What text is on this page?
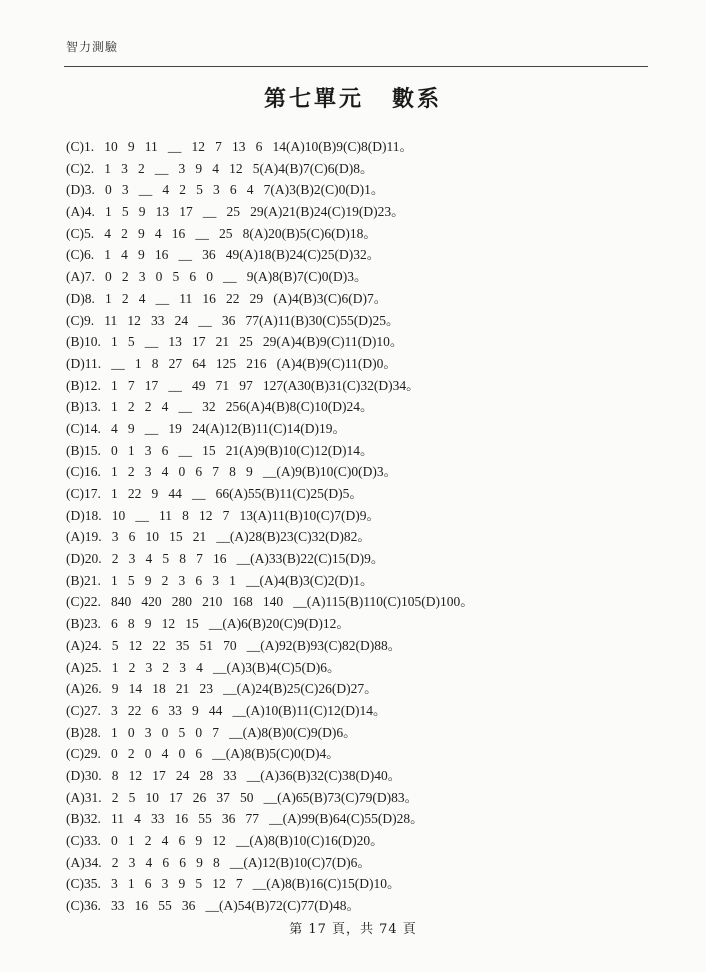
智力測驗
第七單元 數系
(C)1.   10   9   11   __   12   7   13   6   14(A)10(B)9(C)8(D)11。
(C)2.   1   3   2   __   3   9   4   12   5(A)4(B)7(C)6(D)8。
(D)3.   0   3   __   4   2   5   3   6   4   7(A)3(B)2(C)0(D)1。
(A)4.   1   5   9   13   17   __   25   29(A)21(B)24(C)19(D)23。
(C)5.   4   2   9   4   16   __   25   8(A)20(B)5(C)6(D)18。
(C)6.   1   4   9   16   __   36   49(A)18(B)24(C)25(D)32。
(A)7.   0   2   3   0   5   6   0   __   9(A)8(B)7(C)0(D)3。
(D)8.   1   2   4   __   11   16   22   29   (A)4(B)3(C)6(D)7。
(C)9.   11   12   33   24   __   36   77(A)11(B)30(C)55(D)25。
(B)10.   1   5   __   13   17   21   25   29(A)4(B)9(C)11(D)10。
(D)11.   __   1   8   27   64   125   216   (A)4(B)9(C)11(D)0。
(B)12.   1   7   17   __   49   71   97   127(A30(B)31(C)32(D)34。
(B)13.   1   2   2   4   __   32   256(A)4(B)8(C)10(D)24。
(C)14.   4   9   __   19   24(A)12(B)11(C)14(D)19。
(B)15.   0   1   3   6   __   15   21(A)9(B)10(C)12(D)14。
(C)16.   1   2   3   4   0   6   7   8   9   __(A)9(B)10(C)0(D)3。
(C)17.   1   22   9   44   __   66(A)55(B)11(C)25(D)5。
(D)18.   10   __   11   8   12   7   13(A)11(B)10(C)7(D)9。
(A)19.   3   6   10   15   21   __(A)28(B)23(C)32(D)82。
(D)20.   2   3   4   5   8   7   16   __(A)33(B)22(C)15(D)9。
(B)21.   1   5   9   2   3   6   3   1   __(A)4(B)3(C)2(D)1。
(C)22.   840   420   280   210   168   140   __(A)115(B)110(C)105(D)100。
(B)23.   6   8   9   12   15   __(A)6(B)20(C)9(D)12。
(A)24.   5   12   22   35   51   70   __(A)92(B)93(C)82(D)88。
(A)25.   1   2   3   2   3   4   __(A)3(B)4(C)5(D)6。
(A)26.   9   14   18   21   23   __(A)24(B)25(C)26(D)27。
(C)27.   3   22   6   33   9   44   __(A)10(B)11(C)12(D)14。
(B)28.   1   0   3   0   5   0   7   __(A)8(B)0(C)9(D)6。
(C)29.   0   2   0   4   0   6   __(A)8(B)5(C)0(D)4。
(D)30.   8   12   17   24   28   33   __(A)36(B)32(C)38(D)40。
(A)31.   2   5   10   17   26   37   50   __(A)65(B)73(C)79(D)83。
(B)32.   11   4   33   16   55   36   77   __(A)99(B)64(C)55(D)28。
(C)33.   0   1   2   4   6   9   12   __(A)8(B)10(C)16(D)20。
(A)34.   2   3   4   6   6   9   8   __(A)12(B)10(C)7(D)6。
(C)35.   3   1   6   3   9   5   12   7   __(A)8(B)16(C)15(D)10。
(C)36.   33   16   55   36   __(A)54(B)72(C)77(D)48。
第 17 頁，共 74 頁
